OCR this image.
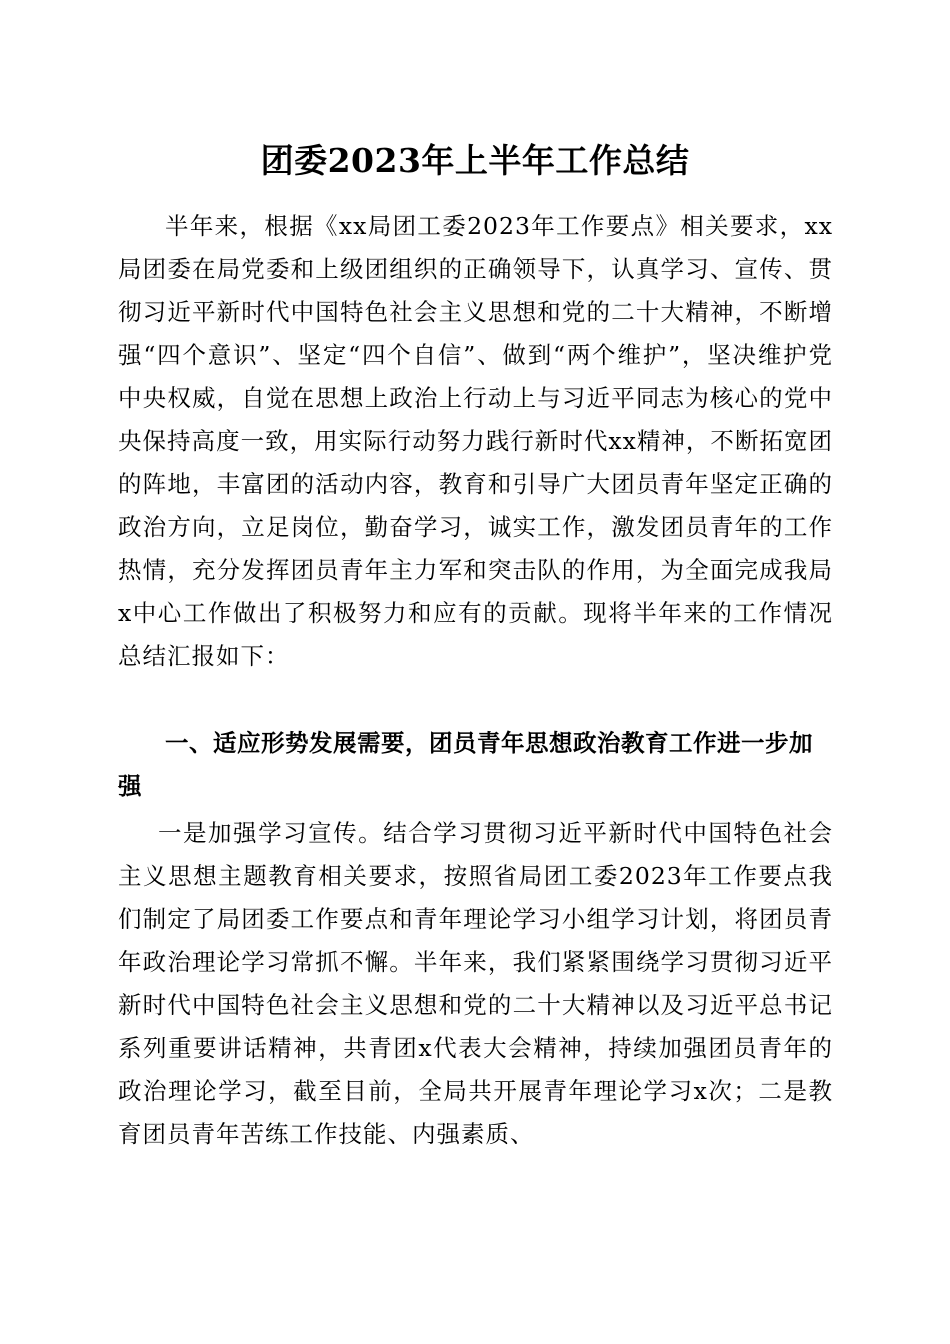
团委2023年上半年工作总结
半年来，根据《xx局团工委2023年工作要点》相关要求，xx局团委在局党委和上级团组织的正确领导下，认真学习、宣传、贯彻习近平新时代中国特色社会主义思想和党的二十大精神，不断增强“四个意识”、坚定“四个自信”、做到“两个维护”，坚决维护党中央权威，自觉在思想上政治上行动上与习近平同志为核心的党中央保持高度一致，用实际行动努力践行新时代xx精神，不断拓宽团的阵地，丰富团的活动内容，教育和引导广大团员青年坚定正确的政治方向，立足岗位，勤奋学习，诚实工作，激发团员青年的工作热情，充分发挥团员青年主力军和突击队的作用，为全面完成我局x中心工作做出了积极努力和应有的贡献。现将半年来的工作情况总结汇报如下：
一、适应形势发展需要，团员青年思想政治教育工作进一步加强
一是加强学习宣传。结合学习贯彻习近平新时代中国特色社会主义思想主题教育相关要求，按照省局团工委2023年工作要点我们制定了局团委工作要点和青年理论学习小组学习计划，将团员青年政治理论学习常抓不懈。半年来，我们紧紧围绕学习贯彻习近平新时代中国特色社会主义思想和党的二十大精神以及习近平总书记系列重要讲话精神，共青团x代表大会精神，持续加强团员青年的政治理论学习，截至目前，全局共开展青年理论学习x次；二是教育团员青年苦练工作技能、内强素质、
